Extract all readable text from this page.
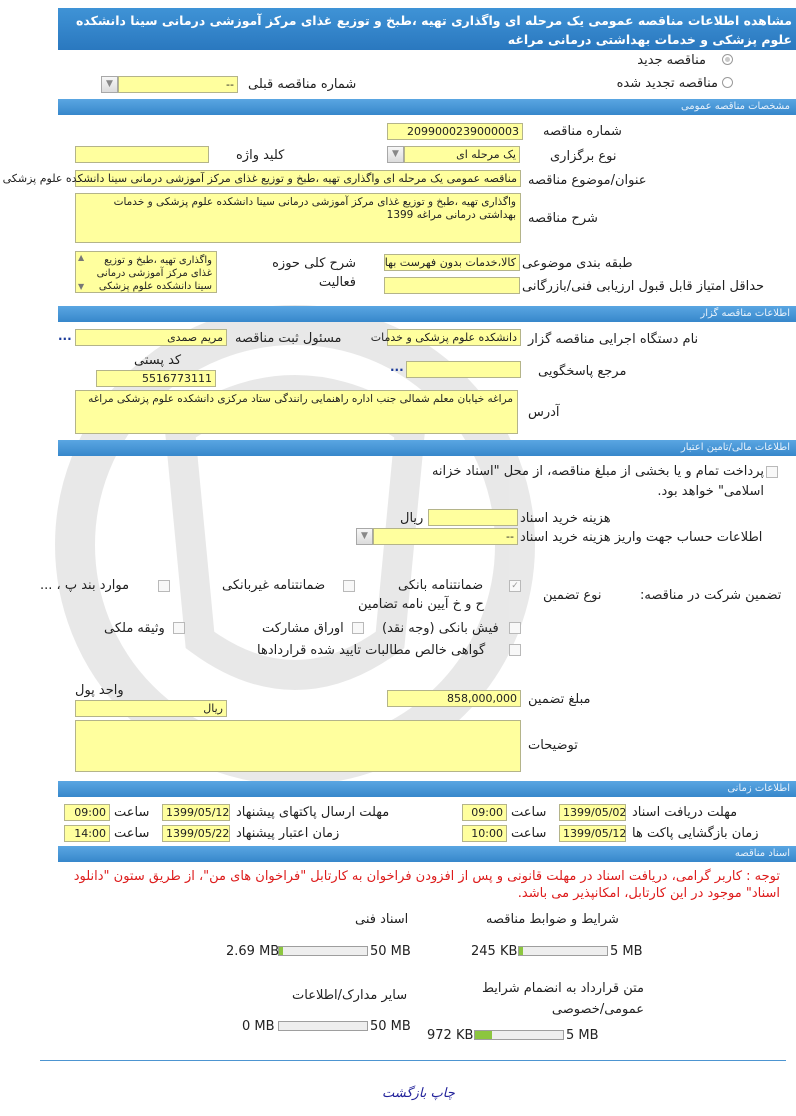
مشاهده اطلاعات مناقصه عمومی یک مرحله ای واگذاری تهیه ،طبخ و توزیع غذای مرکز آموزشی درمانی سینا دانشکده علوم پزشکی و خدمات بهداشتی درمانی مراغه
مناقصه جدید
مناقصه تجدید شده
شماره مناقصه قبلی
--
▼
مشخصات مناقصه عمومی
شماره مناقصه
2099000239000003
نوع برگزاری
یک مرحله ای
▼
کلید واژه
عنوان/موضوع مناقصه
مناقصه عمومی یک مرحله ای واگذاری تهیه ،طبخ و توزیع غذای مرکز آموزشی درمانی سینا دانشکده علوم پزشکی
شرح مناقصه
واگذاری تهیه ،طبخ و توزیع غذای مرکز آموزشی درمانی سینا دانشکده علوم پزشکی و خدمات بهداشتی درمانی مراغه 1399
طبقه بندی موضوعی
کالا،خدمات بدون فهرست بها
شرح کلی حوزه فعالیت
واگذاری تهیه ،طبخ و توزیع غذای مرکز آموزشی درمانی سینا دانشکده علوم پزشکی
▲
▼	حداقل امتیاز قابل قبول ارزیابی فنی/بازرگانی
اطلاعات مناقصه گزار
نام دستگاه اجرایی مناقصه گزار
دانشکده علوم پزشکی و خدمات
مسئول ثبت مناقصه
مریم صمدی
...
مرجع پاسخگویی
...
کد پستی
5516773111
آدرس
مراغه خیابان معلم شمالی جنب اداره راهنمایی رانندگی ستاد مرکزی دانشکده علوم پزشکی مراغه
اطلاعات مالی/تامین اعتبار
پرداخت تمام و یا بخشی از مبلغ مناقصه، از محل "اسناد خزانه اسلامی" خواهد بود.
هزینه خرید اسناد
ریال
اطلاعات حساب جهت واریز هزینه خرید اسناد
--
▼
تضمین شرکت در مناقصه:
نوع تضمین
✓
ضمانتنامه بانکی
ح و خ آیین نامه تضامین
ضمانتنامه غیربانکی
موارد بند پ ، ...
فیش بانکی (وجه نقد)
اوراق مشارکت
وثیقه ملکی
گواهی خالص مطالبات تایید شده قراردادها
مبلغ تضمین
858,000,000
واحد پول
ریال
توضیحات
اطلاعات زمانی
مهلت دریافت اسناد
1399/05/02
ساعت
09:00
مهلت ارسال پاکتهای پیشنهاد
1399/05/12
ساعت
09:00
زمان بازگشایی پاکت ها
1399/05/12
ساعت
10:00
زمان اعتبار پیشنهاد
1399/05/22
ساعت
14:00
اسناد مناقصه
توجه : کاربر گرامی، دریافت اسناد در مهلت قانونی و پس از افزودن فراخوان به کارتابل "فراخوان های من"، از طریق ستون "دانلود اسناد" موجود در این کارتابل، امکانپذیر می باشد.
شرایط و ضوابط مناقصه
5 MB
245 KB
اسناد فنی
50 MB
2.69 MB
متن قرارداد به انضمام شرایط عمومی/خصوصی
5 MB
972 KB
سایر مدارک/اطلاعات
50 MB
0 MB
چاپ بازگشت
